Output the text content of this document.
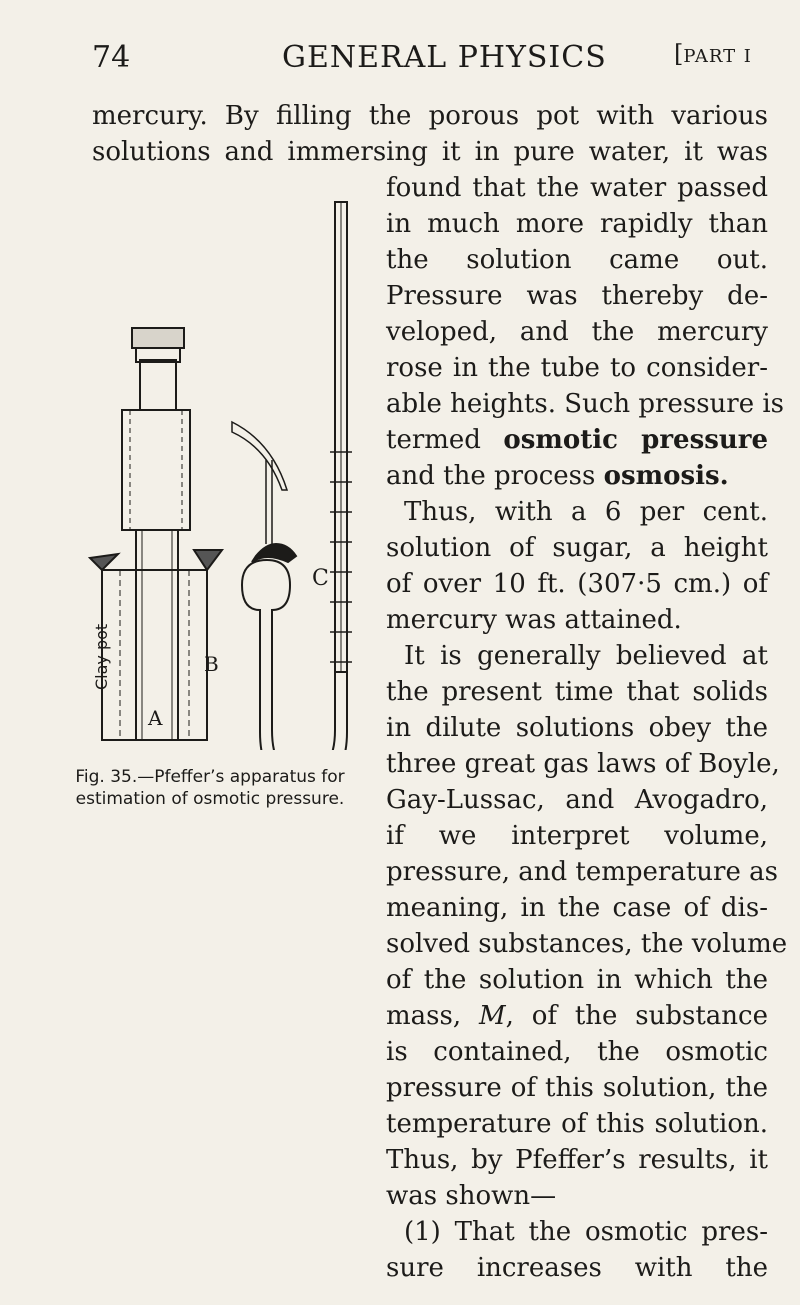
74	GENERAL PHYSICS	[PART I
mercury. By filling the porous pot with various
solutions and immersing it in pure water, it was
found that the water passed
in much more rapidly than
the solution came out.
Pressure was thereby de-
veloped, and the mercury
rose in the tube to consider-
able heights. Such pressure is
termed osmotic pressure
and the process osmosis.
Thus, with a 6 per cent.
solution of sugar, a height
of over 10 ft. (307·5 cm.) of
mercury was attained.
It is generally believed at
the present time that solids
in dilute solutions obey the
three great gas laws of Boyle,
Gay-Lussac, and Avogadro,
if we interpret volume,
pressure, and temperature as
meaning, in the case of dis-
solved substances, the volume
of the solution in which the
mass, M, of the substance
is contained, the osmotic
pressure of this solution, the
temperature of this solution.
Thus, by Pfeffer’s results, it
was shown—
(1) That the osmotic pres-
sure increases with the
C
B
A
Clay pot
Fig. 35.—Pfeffer’s apparatus for estimation of osmotic pressure.
